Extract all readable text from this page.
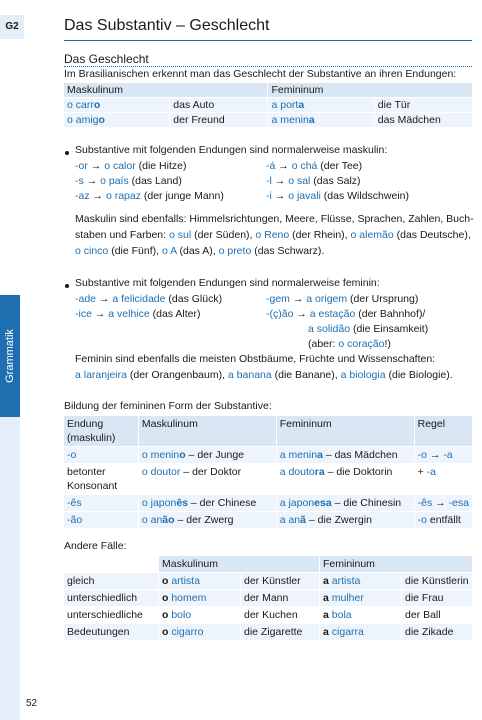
G2
Grammatik
52
Das Substantiv – Geschlecht
Das Geschlecht
Im Brasilianischen erkennt man das Geschlecht der Substantive an ihren Endungen:
Maskulinum		Femininum	
o carro	das Auto	a porta	die Tür
o amigo	der Freund	a menina	das Mädchen
Substantive mit folgenden Endungen sind normalerweise maskulin:
-or → o calor (die Hitze)
-s → o país (das Land)
-az → o rapaz (der junge Mann)
-á → o chá (der Tee)
-l → o sal (das Salz)
-i → o javali (das Wildschwein)
Maskulin sind ebenfalls: Himmelsrichtungen, Meere, Flüsse, Sprachen, Zahlen, Buch-
staben und Farben: o sul (der Süden), o Reno (der Rhein), o alemão (das Deutsche),
o cinco (die Fünf), o A (das A), o preto (das Schwarz).
Substantive mit folgenden Endungen sind normalerweise feminin:
-ade → a felicidade (das Glück)
-ice → a velhice (das Alter)
-gem → a origem (der Ursprung)
-(ç)ão → a estação (der Bahnhof)/
a solidão (die Einsamkeit)
(aber: o coração!)
Feminin sind ebenfalls die meisten Obstbäume, Früchte und Wissenschaften:
a laranjeira (der Orangenbaum), a banana (die Banane), a biologia (die Biologie).
Bildung der femininen Form der Substantive:
Endung (maskulin)	Maskulinum	Femininum	Regel
-o	o menino – der Junge	a menina – das Mädchen	-o → -a
betonter Konsonant	o doutor – der Doktor	a doutora – die Doktorin	+ -a
-ês	o japonês – der Chinese	a japonesa – die Chinesin	-ês → -esa
-ão	o anão – der Zwerg	a anã – die Zwergin	-o entfällt
Andere Fälle:
	Maskulinum		Femininum	
gleich	o artista	der Künstler	a artista	die Künstlerin
unterschiedlich	o homem	der Mann	a mulher	die Frau
unterschiedliche	o bolo	der Kuchen	a bola	der Ball
Bedeutungen	o cigarro	die Zigarette	a cigarra	die Zikade
